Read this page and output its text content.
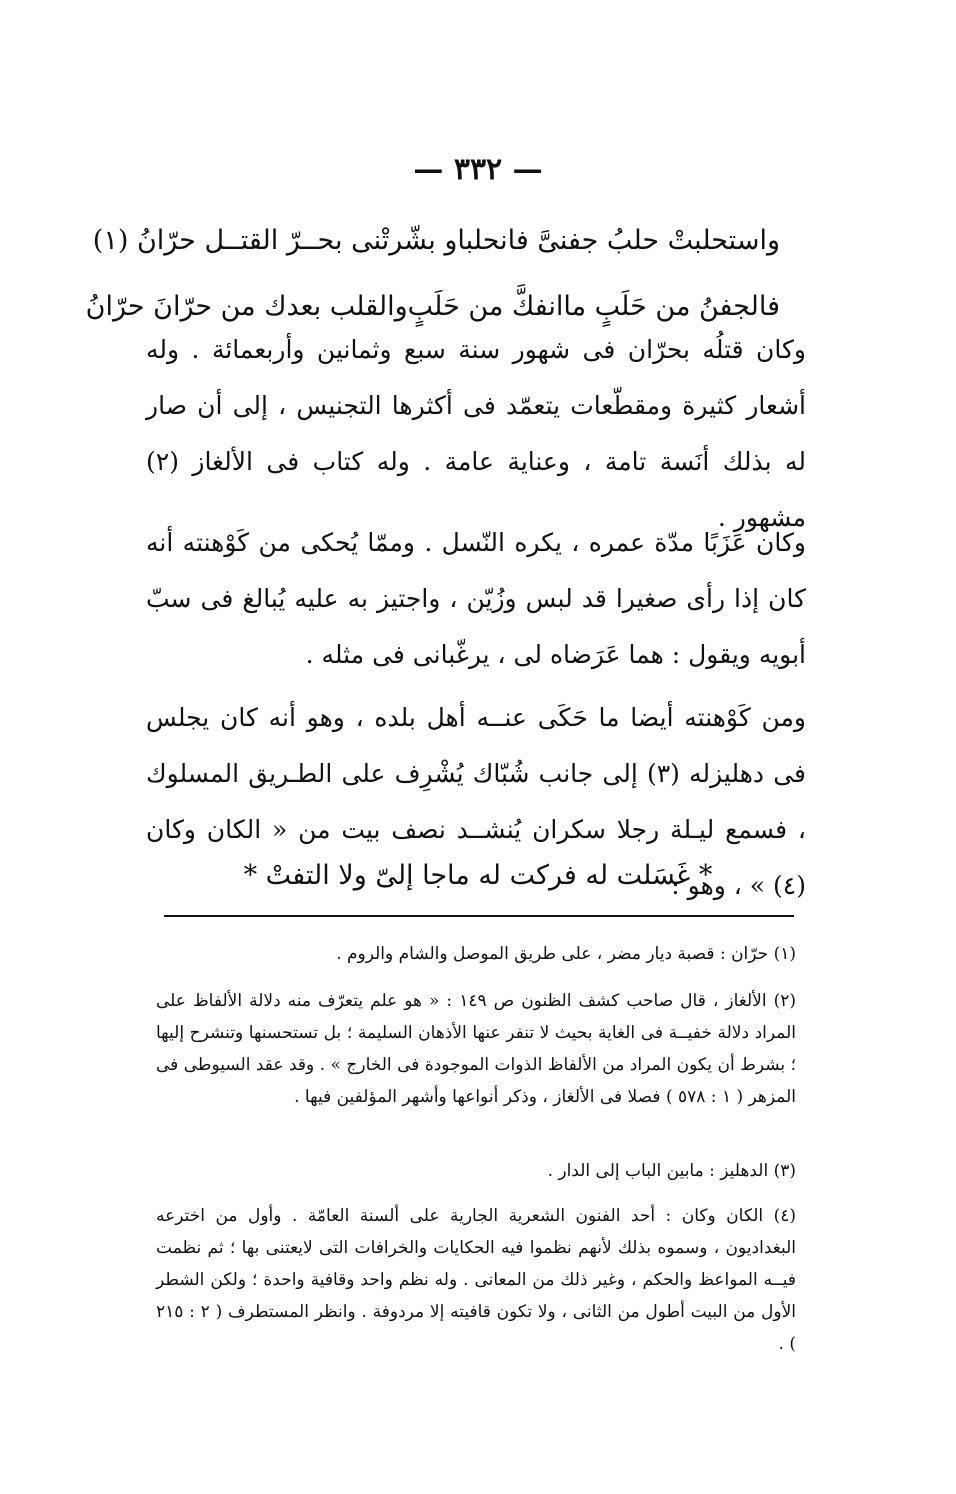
— ٣٣٢ —
واستحلبتْ حلبُ جفنىَّ فانحلبا
و بشّرتْنى بحــرّ القتــل حرّانُ (١)
فالجفنُ من حَلَبٍ ماانفكَّ من حَلَبٍ
والقلب بعدك من حرّانَ حرّانُ

وكان قتلُه بحرّان فى شهور سنة سبع وثمانين وأربعمائة . وله أشعار كثيرة ومقطّعات يتعمّد فى أكثرها التجنيس ، إلى أن صار له بذلك أنَسة تامة ، وعناية عامة . وله كتاب فى الألغاز (٢) مشهور .

وكان عَزَبًا مدّة عمره ، يكره النّسل . وممّا يُحكى من كَوْهنته أنه كان إذا رأى صغيرا قد لبس وزُيّن ، واجتيز به عليه يُبالغ فى سبّ أبويه ويقول : هما عَرَضاه لى ، يرغّبانى فى مثله .

ومن كَوْهنته أيضا ما حَكَى عنــه أهل بلده ، وهو أنه كان يجلس فى دهليزله (٣) إلى جانب شُبّاك يُشْرِف على الطـريق المسلوك ، فسمع ليـلة رجلا سكران يُنشــد نصف بيت من « الكان وكان (٤) » ، وهو :

* غَسَلت له فركت له ماجا إلىّ ولا التفتْ *

(١) حرّان : قصبة ديار مضر ، على طريق الموصل والشام والروم .

(٢) الألغاز ، قال صاحب كشف الظنون ص ١٤٩ : « هو علم يتعرّف منه دلالة الألفاظ على المراد دلالة خفيــة فى الغاية بحيث لا تنفر عنها الأذهان السليمة ؛ بل تستحسنها وتنشرح إليها ؛ بشرط أن يكون المراد من الألفاظ الذوات الموجودة فى الخارج » . وقد عقد السيوطى فى المزهر ( ١ : ٥٧٨ ) فصلا فى الألغاز ، وذكر أنواعها وأشهر المؤلفين فيها .

(٣) الدهليز : مابين الباب إلى الدار .

(٤) الكان وكان : أحد الفنون الشعرية الجارية على ألسنة العامّة . وأول من اخترعه البغداديون ، وسموه بذلك لأنهم نظموا فيه الحكايات والخرافات التى لايعتنى بها ؛ ثم نظمت فيــه المواعظ والحكم ، وغير ذلك من المعانى . وله نظم واحد وقافية واحدة ؛ ولكن الشطر الأول من البيت أطول من الثانى ، ولا تكون قافيته إلا مردوفة . وانظر المستطرف ( ٢ : ٢١٥ ) .
